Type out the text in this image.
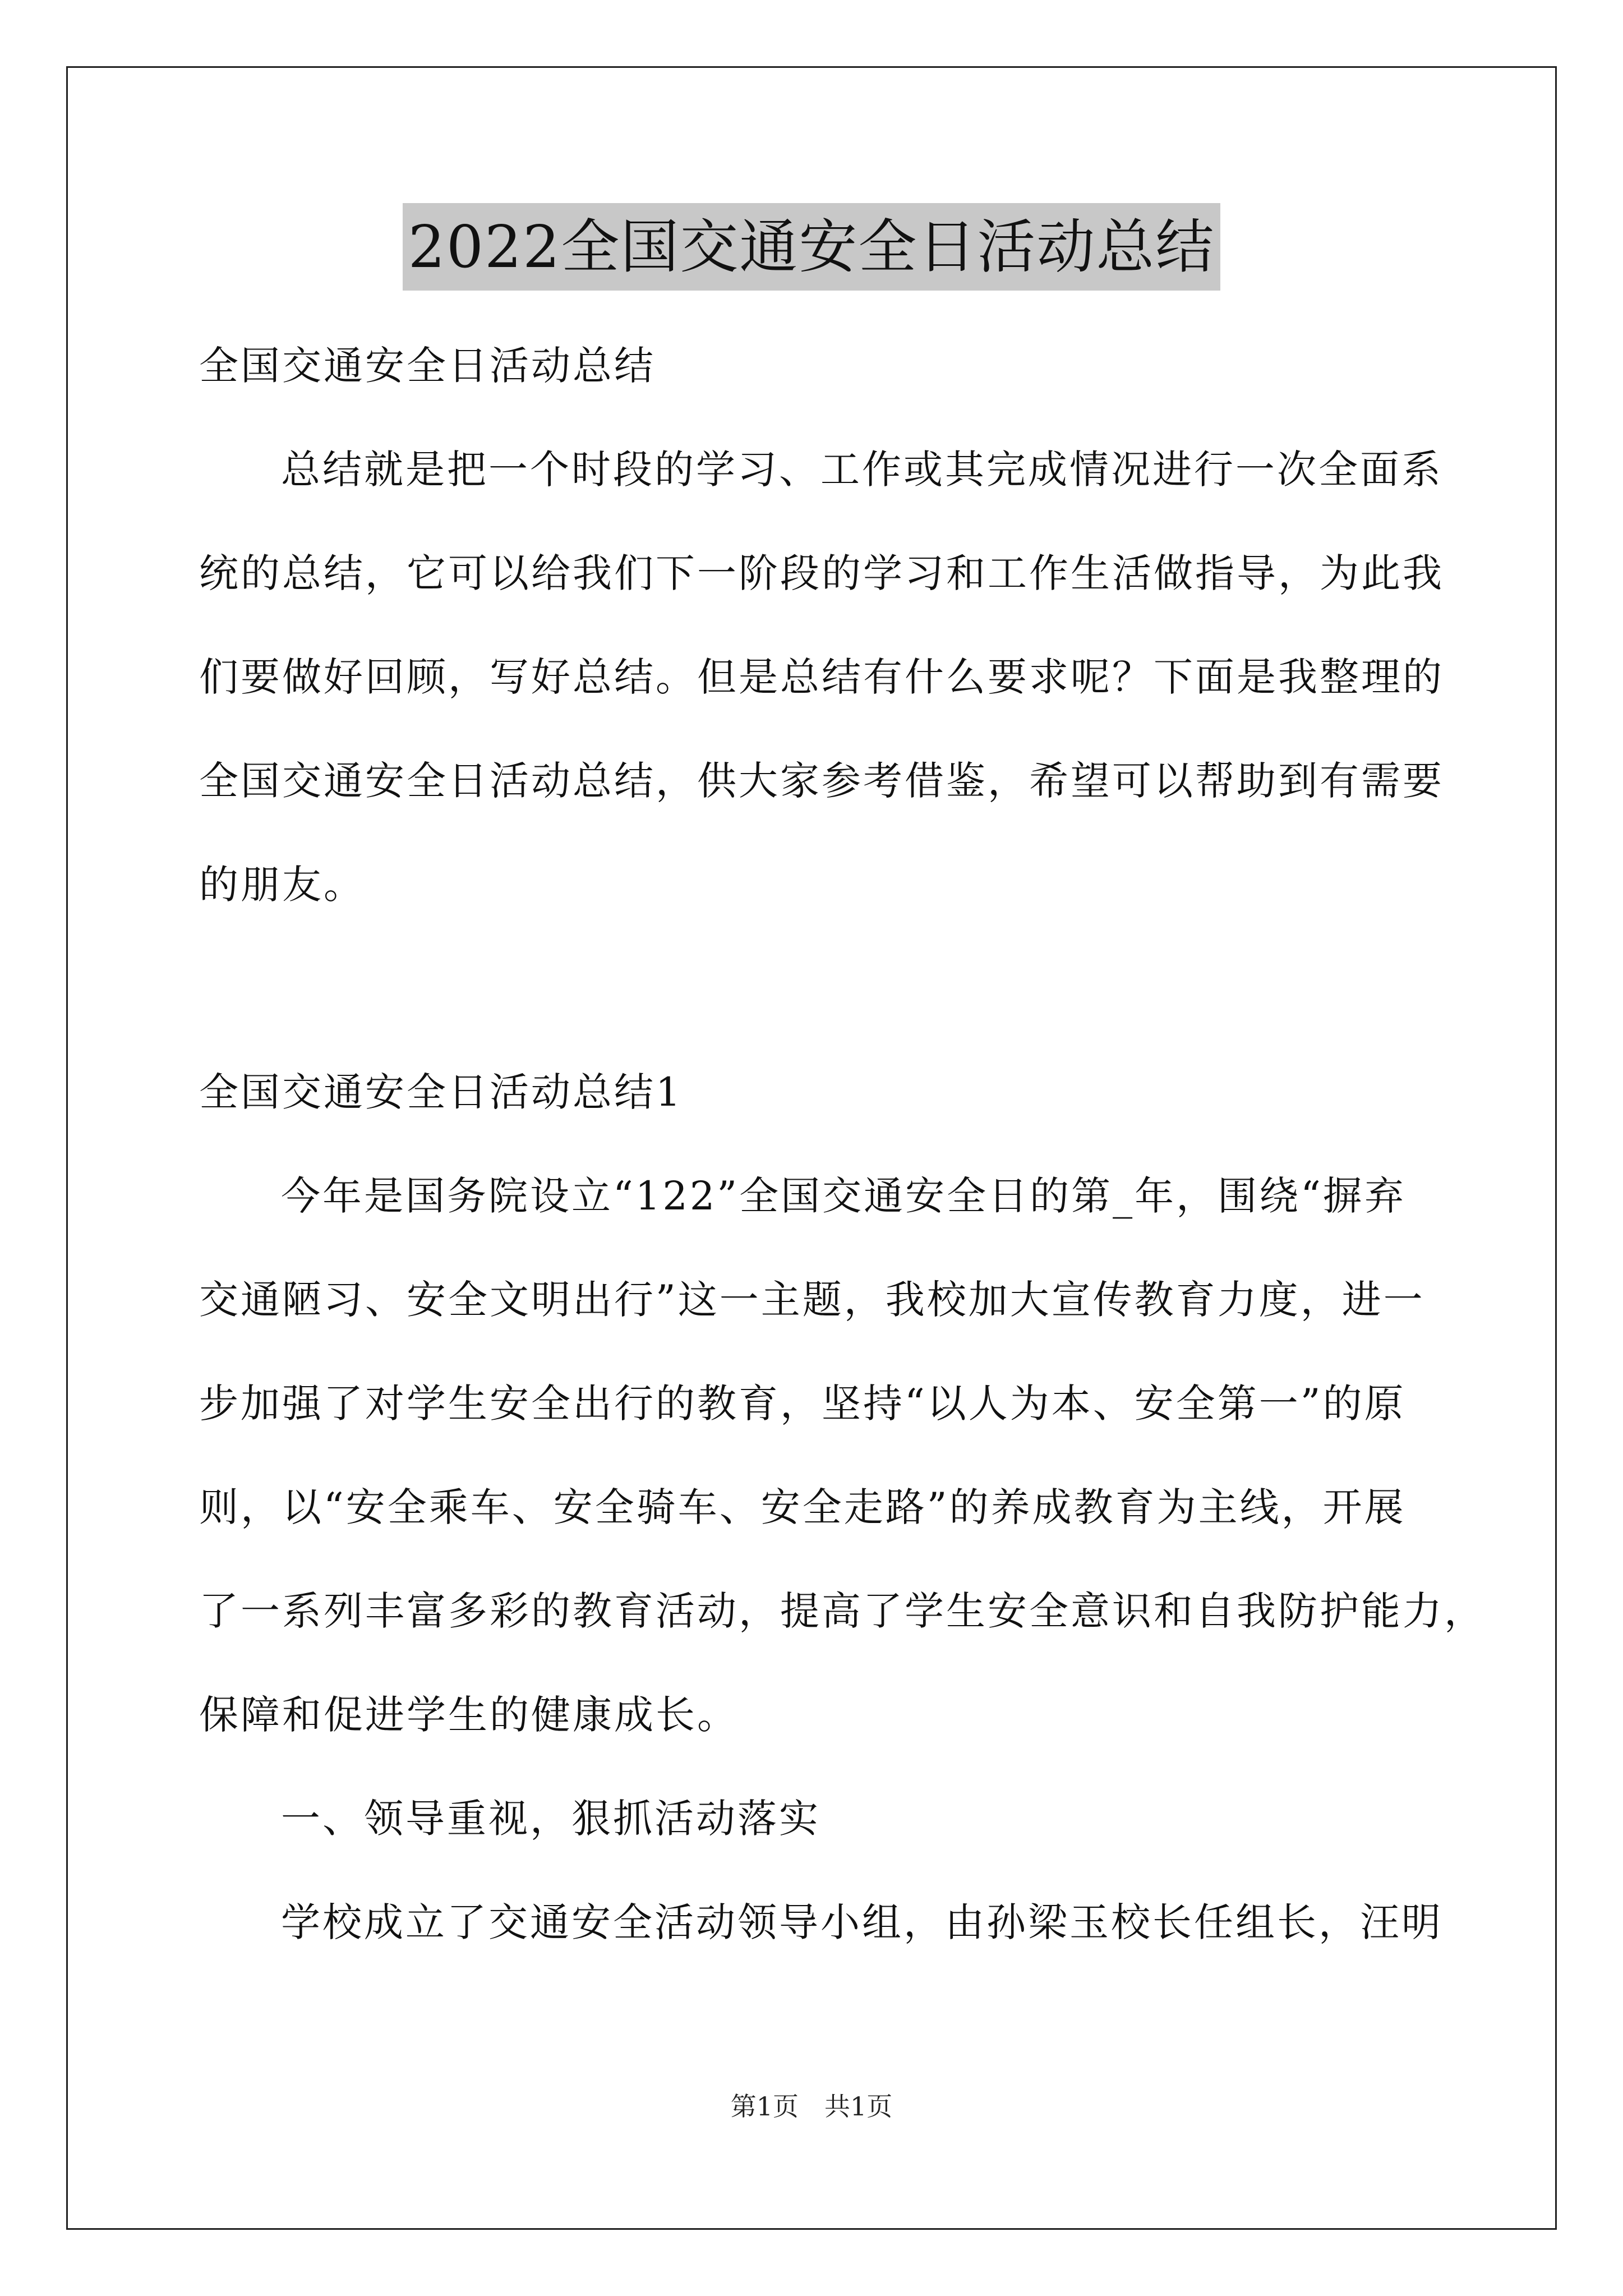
2022全国交通安全日活动总结
全国交通安全日活动总结
总结就是把一个时段的学习、工作或其完成情况进行一次全面系
统的总结，它可以给我们下一阶段的学习和工作生活做指导，为此我
们要做好回顾，写好总结。但是总结有什么要求呢？下面是我整理的
全国交通安全日活动总结，供大家参考借鉴，希望可以帮助到有需要
的朋友。
全国交通安全日活动总结1
今年是国务院设立“122”全国交通安全日的第_年，围绕“摒弃
交通陋习、安全文明出行”这一主题，我校加大宣传教育力度，进一
步加强了对学生安全出行的教育，坚持“以人为本、安全第一”的原
则，以“安全乘车、安全骑车、安全走路”的养成教育为主线，开展
了一系列丰富多彩的教育活动，提高了学生安全意识和自我防护能力，
保障和促进学生的健康成长。
一、领导重视，狠抓活动落实
学校成立了交通安全活动领导小组，由孙梁玉校长任组长，汪明
第1页　共1页
